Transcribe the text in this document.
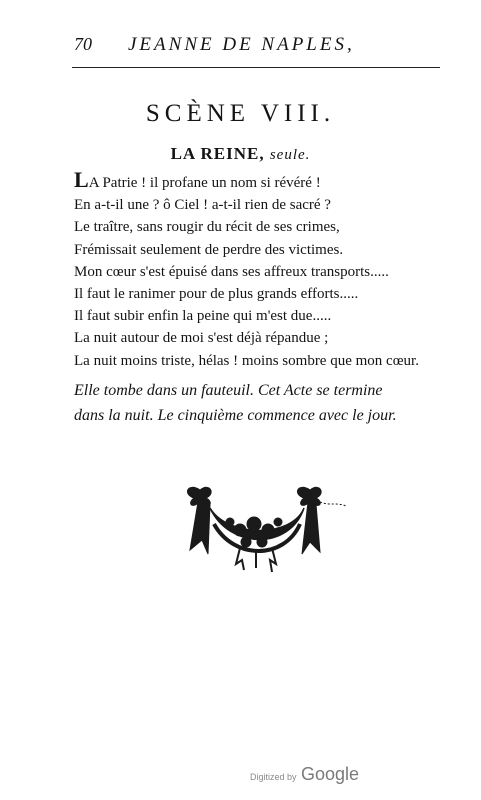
70 JEANNE DE NAPLES,
SCÈNE VIII.
LA REINE, seule.
LA Patrie ! il profane un nom si révéré !
En a-t-il une ? ô Ciel ! a-t-il rien de sacré ?
Le traître, sans rougir du récit de ses crimes,
Frémissait seulement de perdre des victimes.
Mon cœur s'est épuisé dans ses affreux transports.....
Il faut le ranimer pour de plus grands efforts.....
Il faut subir enfin la peine qui m'est due.....
La nuit autour de moi s'est déjà répandue ;
La nuit moins triste, hélas ! moins sombre que mon cœur.
Elle tombe dans un fauteuil. Cet Acte se termine
dans la nuit. Le cinquième commence avec le jour.
Digitized by Google
